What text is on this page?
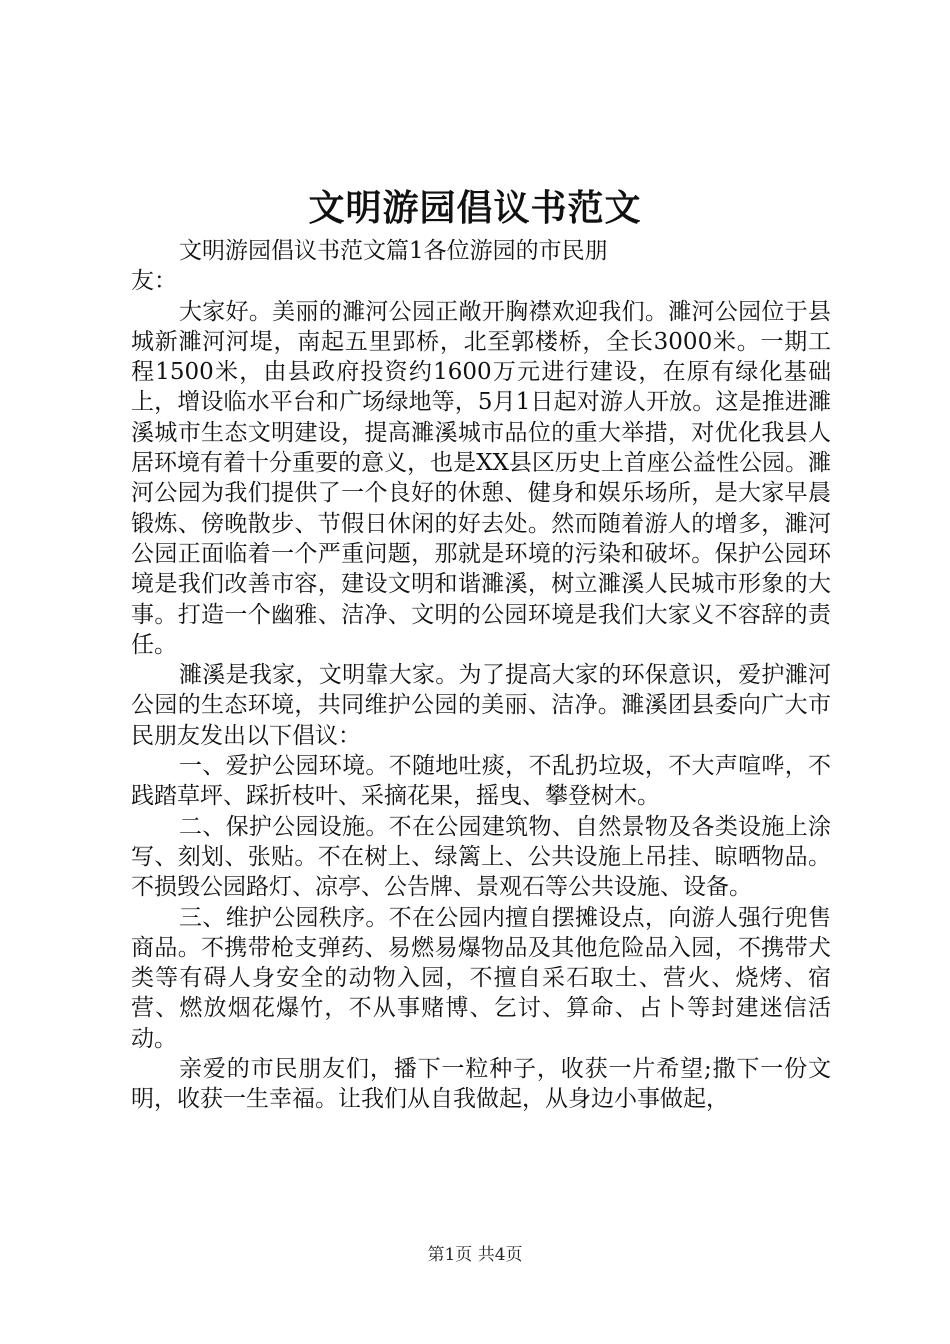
文明游园倡议书范文

文明游园倡议书范文篇1各位游园的市民朋友：

大家好。美丽的濉河公园正敞开胸襟欢迎我们。濉河公园位于县城新濉河河堤，南起五里郢桥，北至郭楼桥，全长3000米。一期工程1500米，由县政府投资约1600万元进行建设，在原有绿化基础上，增设临水平台和广场绿地等，5月1日起对游人开放。这是推进濉溪城市生态文明建设，提高濉溪城市品位的重大举措，对优化我县人居环境有着十分重要的意义，也是XX县区历史上首座公益性公园。濉河公园为我们提供了一个良好的休憩、健身和娱乐场所，是大家早晨锻炼、傍晚散步、节假日休闲的好去处。然而随着游人的增多，濉河公园正面临着一个严重问题，那就是环境的污染和破坏。保护公园环境是我们改善市容，建设文明和谐濉溪，树立濉溪人民城市形象的大事。打造一个幽雅、洁净、文明的公园环境是我们大家义不容辞的责任。

濉溪是我家，文明靠大家。为了提高大家的环保意识，爱护濉河公园的生态环境，共同维护公园的美丽、洁净。濉溪团县委向广大市民朋友发出以下倡议：

一、爱护公园环境。不随地吐痰，不乱扔垃圾，不大声喧哗，不践踏草坪、踩折枝叶、采摘花果，摇曳、攀登树木。

二、保护公园设施。不在公园建筑物、自然景物及各类设施上涂写、刻划、张贴。不在树上、绿篱上、公共设施上吊挂、晾晒物品。不损毁公园路灯、凉亭、公告牌、景观石等公共设施、设备。

三、维护公园秩序。不在公园内擅自摆摊设点，向游人强行兜售商品。不携带枪支弹药、易燃易爆物品及其他危险品入园，不携带犬类等有碍人身安全的动物入园，不擅自采石取土、营火、烧烤、宿营、燃放烟花爆竹，不从事赌博、乞讨、算命、占卜等封建迷信活动。

亲爱的市民朋友们，播下一粒种子，收获一片希望;撒下一份文明，收获一生幸福。让我们从自我做起，从身边小事做起，

第1页 共4页
